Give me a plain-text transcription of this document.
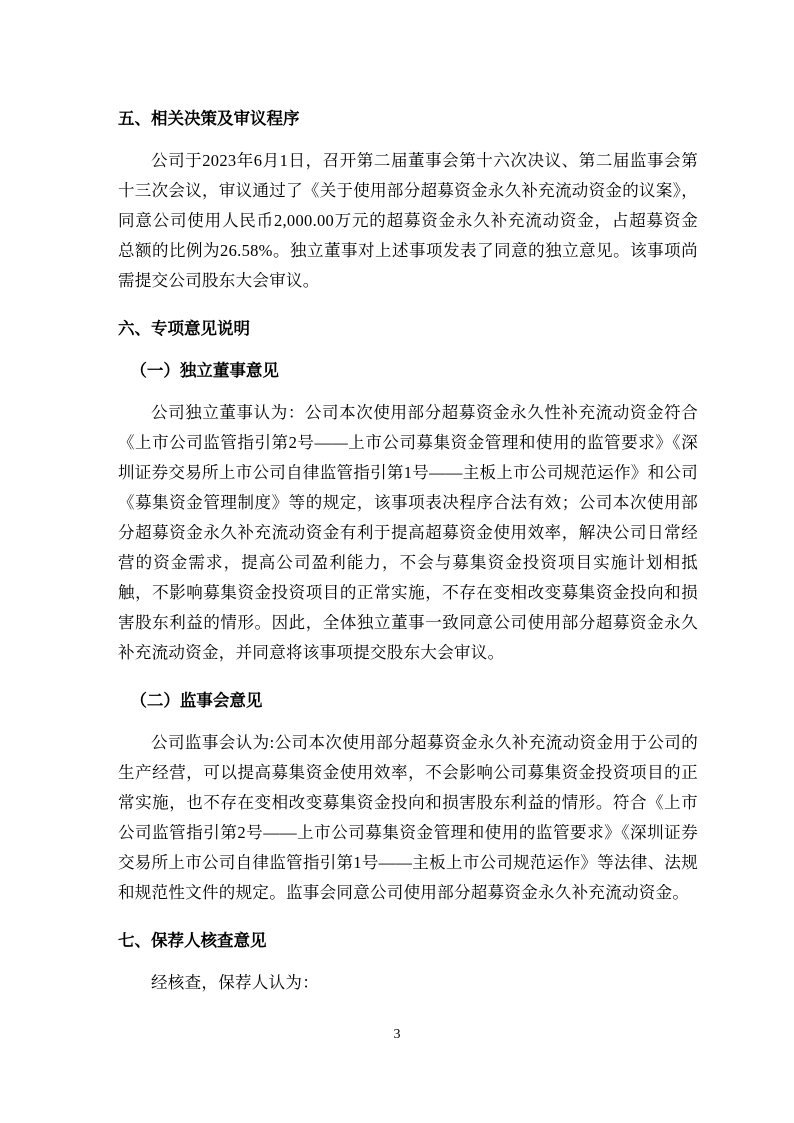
五、相关决策及审议程序
公司于2023年6月1日，召开第二届董事会第十六次决议、第二届监事会第十三次会议，审议通过了《关于使用部分超募资金永久补充流动资金的议案》，同意公司使用人民币2,000.00万元的超募资金永久补充流动资金，占超募资金总额的比例为26.58%。独立董事对上述事项发表了同意的独立意见。该事项尚需提交公司股东大会审议。
六、专项意见说明
（一）独立董事意见
公司独立董事认为：公司本次使用部分超募资金永久性补充流动资金符合《上市公司监管指引第2号——上市公司募集资金管理和使用的监管要求》《深圳证券交易所上市公司自律监管指引第1号——主板上市公司规范运作》和公司《募集资金管理制度》等的规定，该事项表决程序合法有效；公司本次使用部分超募资金永久补充流动资金有利于提高超募资金使用效率，解决公司日常经营的资金需求，提高公司盈利能力，不会与募集资金投资项目实施计划相抵触，不影响募集资金投资项目的正常实施，不存在变相改变募集资金投向和损害股东利益的情形。因此，全体独立董事一致同意公司使用部分超募资金永久补充流动资金，并同意将该事项提交股东大会审议。
（二）监事会意见
公司监事会认为:公司本次使用部分超募资金永久补充流动资金用于公司的生产经营，可以提高募集资金使用效率，不会影响公司募集资金投资项目的正常实施，也不存在变相改变募集资金投向和损害股东利益的情形。符合《上市公司监管指引第2号——上市公司募集资金管理和使用的监管要求》《深圳证券交易所上市公司自律监管指引第1号——主板上市公司规范运作》等法律、法规和规范性文件的规定。监事会同意公司使用部分超募资金永久补充流动资金。
七、保荐人核查意见
经核查，保荐人认为：
3
